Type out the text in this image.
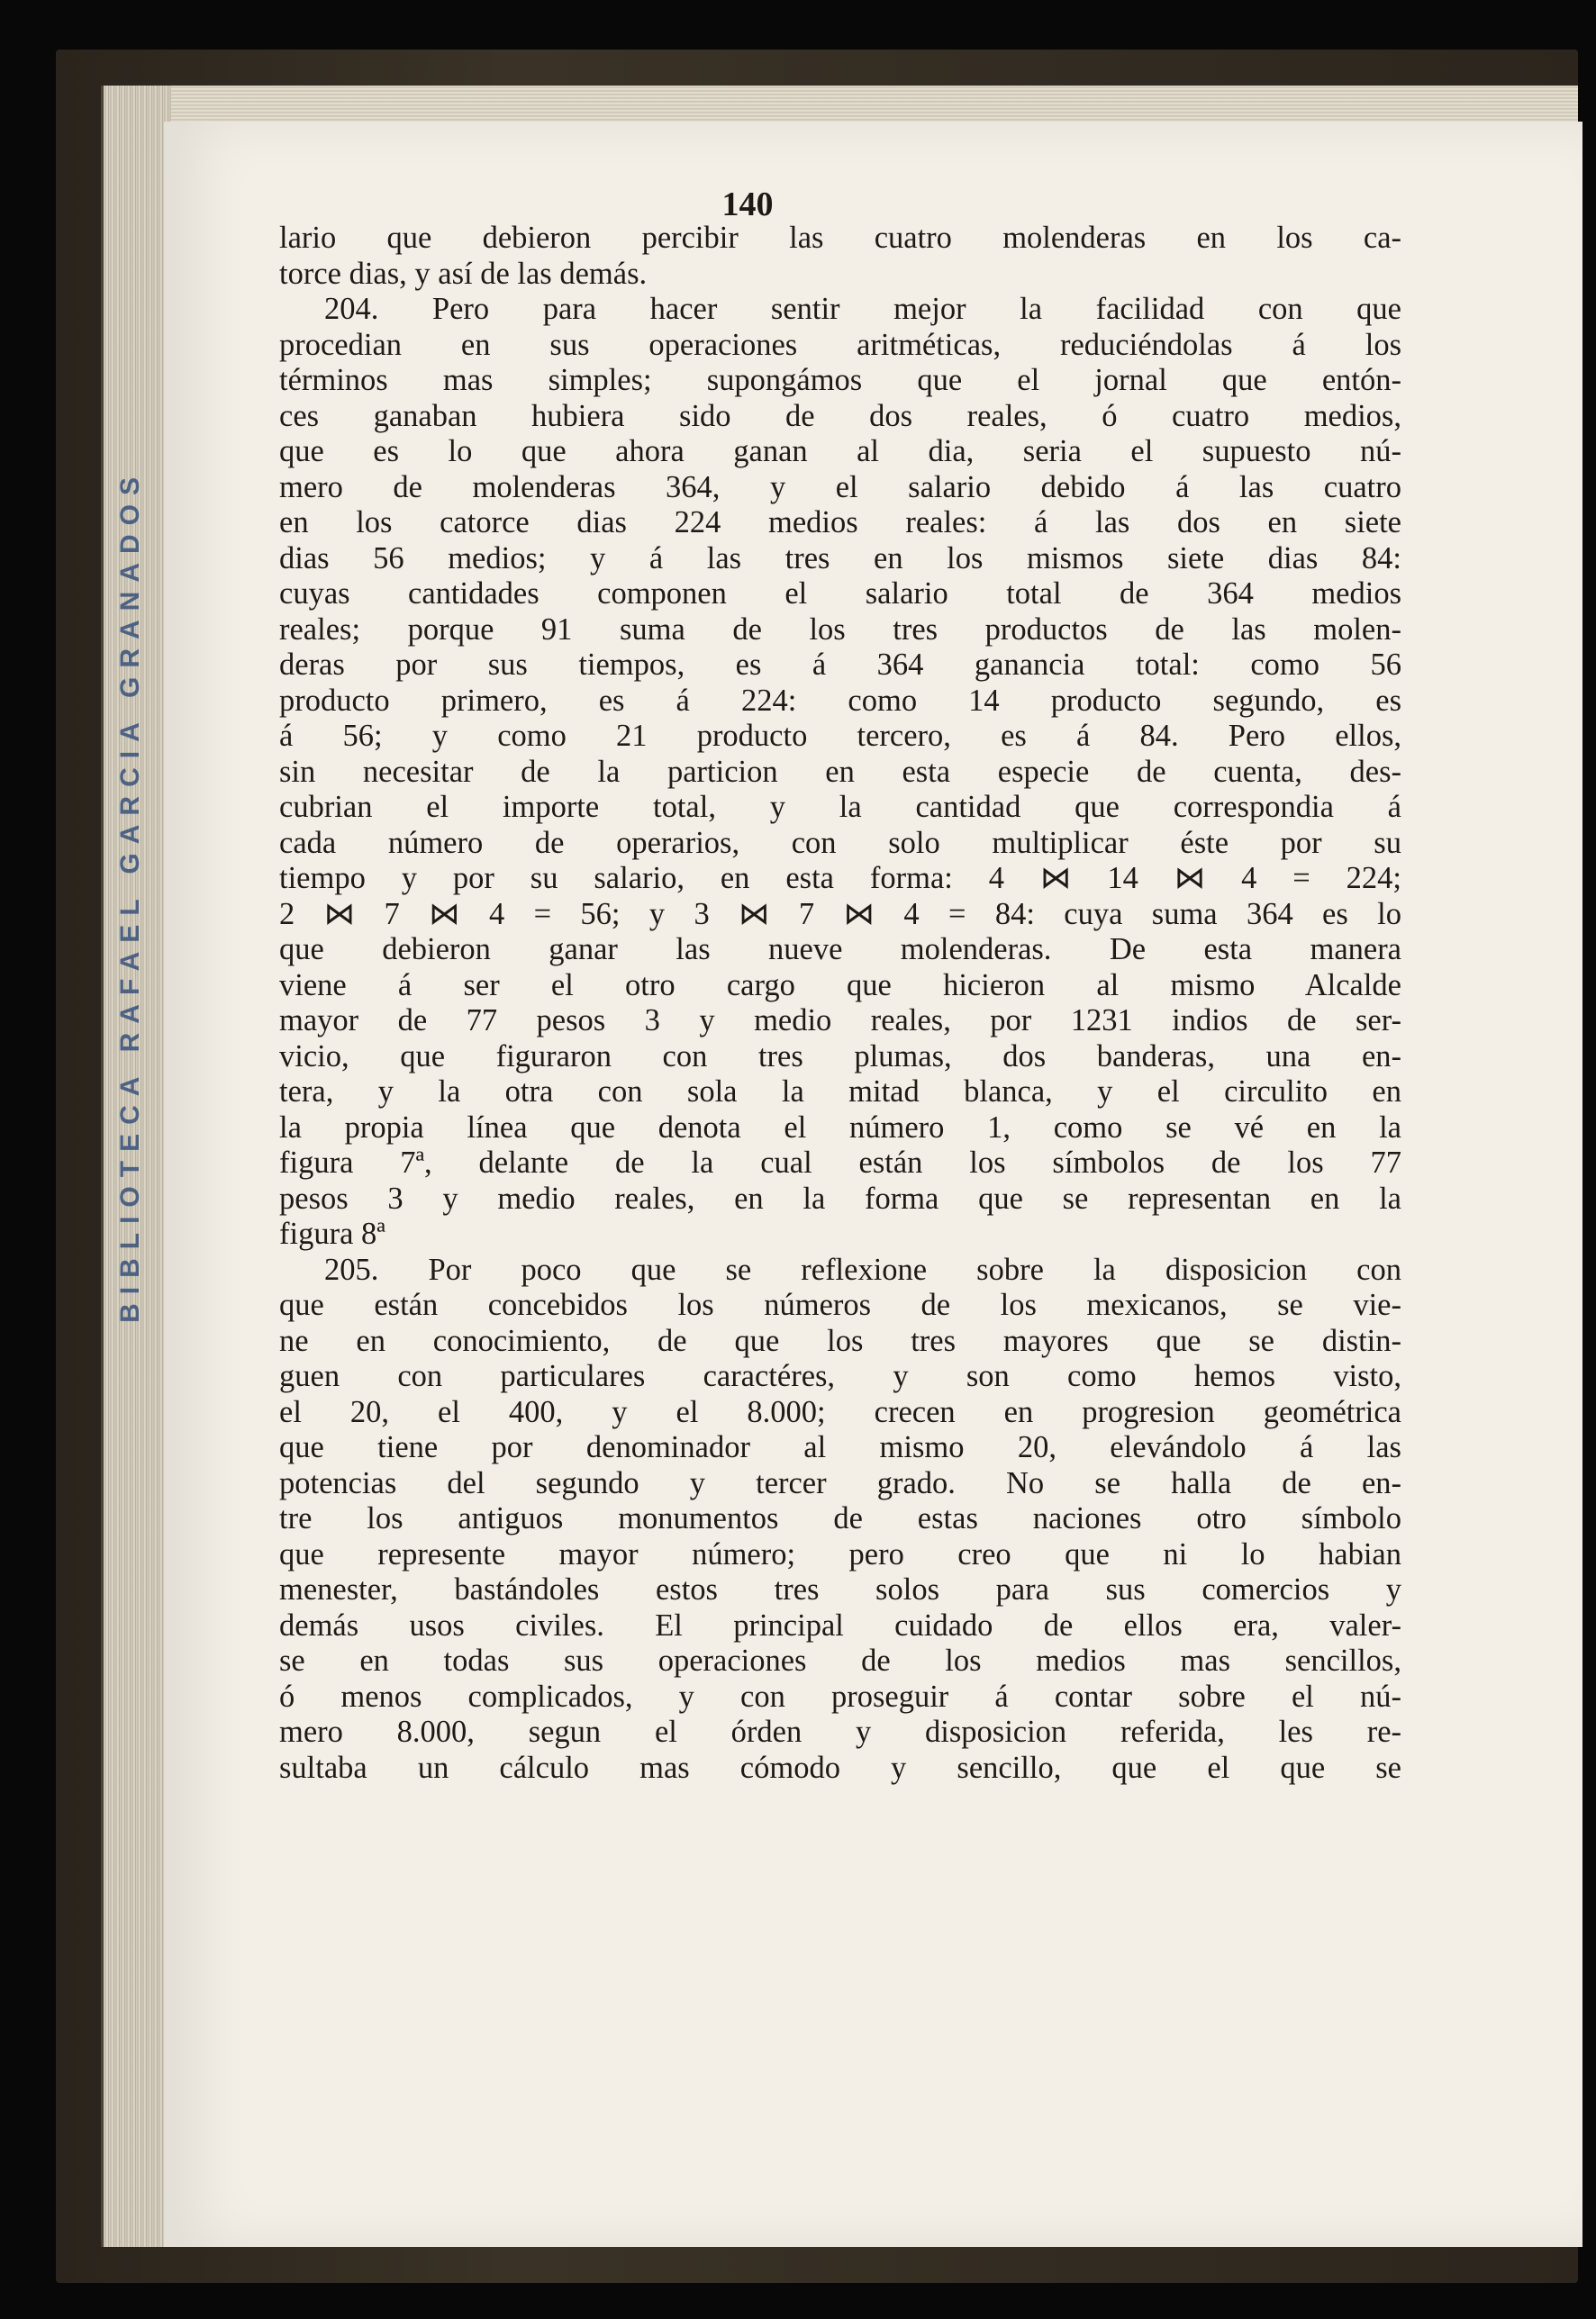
BIBLIOTECA RAFAEL GARCIA GRANADOS
140
lario que debieron percibir las cuatro molenderas en los ca-
torce dias, y así de las demás.
204. Pero para hacer sentir mejor la facilidad con que
procedian en sus operaciones aritméticas, reduciéndolas á los
términos mas simples; supongámos que el jornal que entón-
ces ganaban hubiera sido de dos reales, ó cuatro medios,
que es lo que ahora ganan al dia, seria el supuesto nú-
mero de molenderas 364, y el salario debido á las cuatro
en los catorce dias 224 medios reales: á las dos en siete
dias 56 medios; y á las tres en los mismos siete dias 84:
cuyas cantidades componen el salario total de 364 medios
reales; porque 91 suma de los tres productos de las molen-
deras por sus tiempos, es á 364 ganancia total: como 56
producto primero, es á 224: como 14 producto segundo, es
á 56; y como 21 producto tercero, es á 84. Pero ellos,
sin necesitar de la particion en esta especie de cuenta, des-
cubrian el importe total, y la cantidad que correspondia á
cada número de operarios, con solo multiplicar éste por su
tiempo y por su salario, en esta forma: 4 ⋈ 14 ⋈ 4 = 224;
2 ⋈ 7 ⋈ 4 = 56; y 3 ⋈ 7 ⋈ 4 = 84: cuya suma 364 es lo
que debieron ganar las nueve molenderas. De esta manera
viene á ser el otro cargo que hicieron al mismo Alcalde
mayor de 77 pesos 3 y medio reales, por 1231 indios de ser-
vicio, que figuraron con tres plumas, dos banderas, una en-
tera, y la otra con sola la mitad blanca, y el circulito en
la propia línea que denota el número 1, como se vé en la
figura 7ª, delante de la cual están los símbolos de los 77
pesos 3 y medio reales, en la forma que se representan en la
figura 8ª
205. Por poco que se reflexione sobre la disposicion con
que están concebidos los números de los mexicanos, se vie-
ne en conocimiento, de que los tres mayores que se distin-
guen con particulares caractéres, y son como hemos visto,
el 20, el 400, y el 8.000; crecen en progresion geométrica
que tiene por denominador al mismo 20, elevándolo á las
potencias del segundo y tercer grado. No se halla de en-
tre los antiguos monumentos de estas naciones otro símbolo
que represente mayor número; pero creo que ni lo habian
menester, bastándoles estos tres solos para sus comercios y
demás usos civiles. El principal cuidado de ellos era, valer-
se en todas sus operaciones de los medios mas sencillos,
ó menos complicados, y con proseguir á contar sobre el nú-
mero 8.000, segun el órden y disposicion referida, les re-
sultaba un cálculo mas cómodo y sencillo, que el que se
